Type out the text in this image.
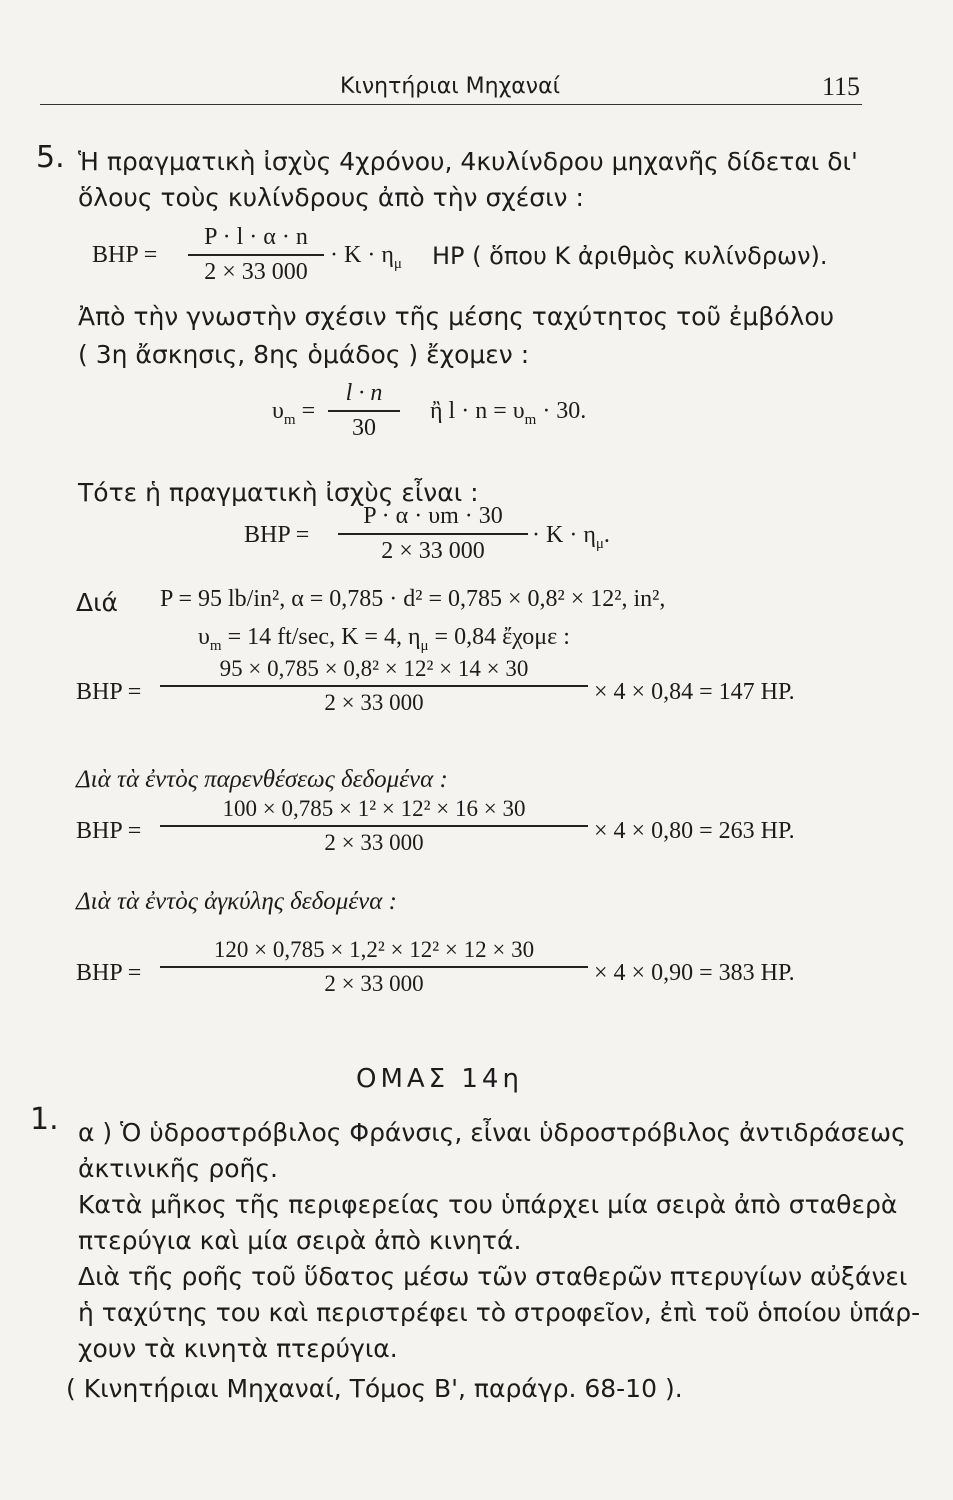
Κινητήριαι Μηχαναί	115
5. Ἡ πραγματικὴ ἰσχὺς 4χρόνου, 4κυλίνδρου μηχανῆς δίδεται δι'
ὅλους τοὺς κυλίνδρους ἀπὸ τὴν σχέσιν :
BHP =
P · l · α · n
2 × 33 000
· $K \cdot \eta_\mu$ HP ( ὅπου K ἀριθμὸς κυλίνδρων).
Ἀπὸ τὴν γνωστὴν σχέσιν τῆς μέσης ταχύτητος τοῦ ἐμβόλου
( 3η ἄσκησις, 8ης ὁμάδος ) ἔχομεν :
$\upsilon_m$ =
l · n
30
ἢ $l \cdot n = \upsilon_m \cdot 30$.
Τότε ἡ πραγματικὴ ἰσχὺς εἶναι :
BHP =
P · α · υm · 30
2 × 33 000
· $K \cdot \eta_\mu$.
Διά P = 95 lb/in², α = 0,785 · d² = 0,785 × 0,8² × 12², in²,
$\upsilon_m = 14$ ft/sec, K = 4, $\eta_\mu = 0,84$ ἔχομε :
BHP =
95 × 0,785 × 0,8² × 12² × 14 × 30
2 × 33 000	× 4 × 0,84 = 147 HP.
Διὰ τὰ ἐντὸς παρενθέσεως δεδομένα :
BHP =
100 × 0,785 × 1² × 12² × 16 × 30
2 × 33 000	× 4 × 0,80 = 263 HP.
Διὰ τὰ ἐντὸς ἀγκύλης δεδομένα :
BHP =
120 × 0,785 × 1,2² × 12² × 12 × 30
2 × 33 000	× 4 × 0,90 = 383 HP.
ΟΜΑΣ 14η
1. α ) Ὁ ὑδροστρόβιλος Φράνσις, εἶναι ὑδροστρόβιλος ἀντιδράσεως
ἀκτινικῆς ροῆς.
Κατὰ μῆκος τῆς περιφερείας του ὑπάρχει μία σειρὰ ἀπὸ σταθερὰ
πτερύγια καὶ μία σειρὰ ἀπὸ κινητά.
Διὰ τῆς ροῆς τοῦ ὕδατος μέσω τῶν σταθερῶν πτερυγίων αὐξάνει
ἡ ταχύτης του καὶ περιστρέφει τὸ στροφεῖον, ἐπὶ τοῦ ὁποίου ὑπάρ-
χουν τὰ κινητὰ πτερύγια.
( Κινητήριαι Μηχαναί, Τόμος Β', παράγρ. 68-10 ).
